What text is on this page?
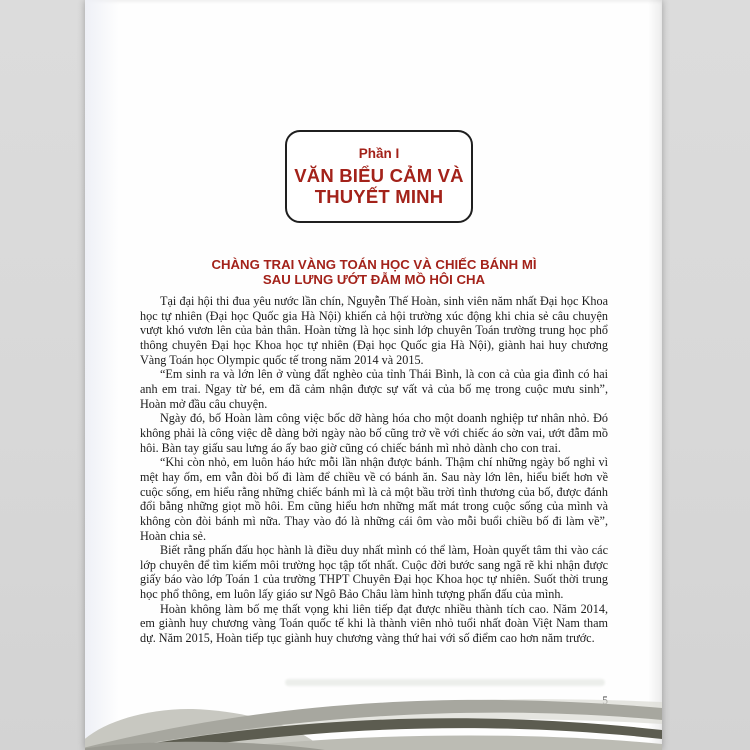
Phần I
VĂN BIỂU CẢM VÀ
THUYẾT MINH
CHÀNG TRAI VÀNG TOÁN HỌC VÀ CHIẾC BÁNH MÌ
SAU LƯNG ƯỚT ĐẪM MỒ HÔI CHA

Tại đại hội thi đua yêu nước lần chín, Nguyễn Thế Hoàn, sinh viên năm nhất Đại học Khoa học tự nhiên (Đại học Quốc gia Hà Nội) khiến cả hội trường xúc động khi chia sẻ câu chuyện vượt khó vươn lên của bản thân. Hoàn từng là học sinh lớp chuyên Toán trường trung học phổ thông chuyên Đại học Khoa học tự nhiên (Đại học Quốc gia Hà Nội), giành hai huy chương Vàng Toán học Olympic quốc tế trong năm 2014 và 2015.

“Em sinh ra và lớn lên ở vùng đất nghèo của tỉnh Thái Bình, là con cả của gia đình có hai anh em trai. Ngay từ bé, em đã cảm nhận được sự vất vả của bố mẹ trong cuộc mưu sinh”, Hoàn mở đầu câu chuyện.

Ngày đó, bố Hoàn làm công việc bốc dỡ hàng hóa cho một doanh nghiệp tư nhân nhỏ. Đó không phải là công việc dễ dàng bởi ngày nào bố cũng trở về với chiếc áo sờn vai, ướt đẫm mồ hôi. Bàn tay giấu sau lưng áo ấy bao giờ cũng có chiếc bánh mì nhỏ dành cho con trai.

“Khi còn nhỏ, em luôn háo hức mỗi lần nhận được bánh. Thậm chí những ngày bố nghỉ vì mệt hay ốm, em vẫn đòi bố đi làm để chiều về có bánh ăn. Sau này lớn lên, hiểu biết hơn về cuộc sống, em hiểu rằng những chiếc bánh mì là cả một bầu trời tình thương của bố, được đánh đổi bằng những giọt mồ hôi. Em cũng hiểu hơn những mất mát trong cuộc sống của mình và không còn đòi bánh mì nữa. Thay vào đó là những cái ôm vào mỗi buổi chiều bố đi làm về”, Hoàn chia sẻ.

Biết rằng phấn đấu học hành là điều duy nhất mình có thể làm, Hoàn quyết tâm thi vào các lớp chuyên để tìm kiếm môi trường học tập tốt nhất. Cuộc đời bước sang ngã rẽ khi nhận được giấy báo vào lớp Toán 1 của trường THPT Chuyên Đại học Khoa học tự nhiên. Suốt thời trung học phổ thông, em luôn lấy giáo sư Ngô Bảo Châu làm hình tượng phấn đấu của mình.

Hoàn không làm bố mẹ thất vọng khi liên tiếp đạt được nhiều thành tích cao. Năm 2014, em giành huy chương vàng Toán quốc tế khi là thành viên nhỏ tuổi nhất đoàn Việt Nam tham dự. Năm 2015, Hoàn tiếp tục giành huy chương vàng thứ hai với số điểm cao hơn năm trước.
